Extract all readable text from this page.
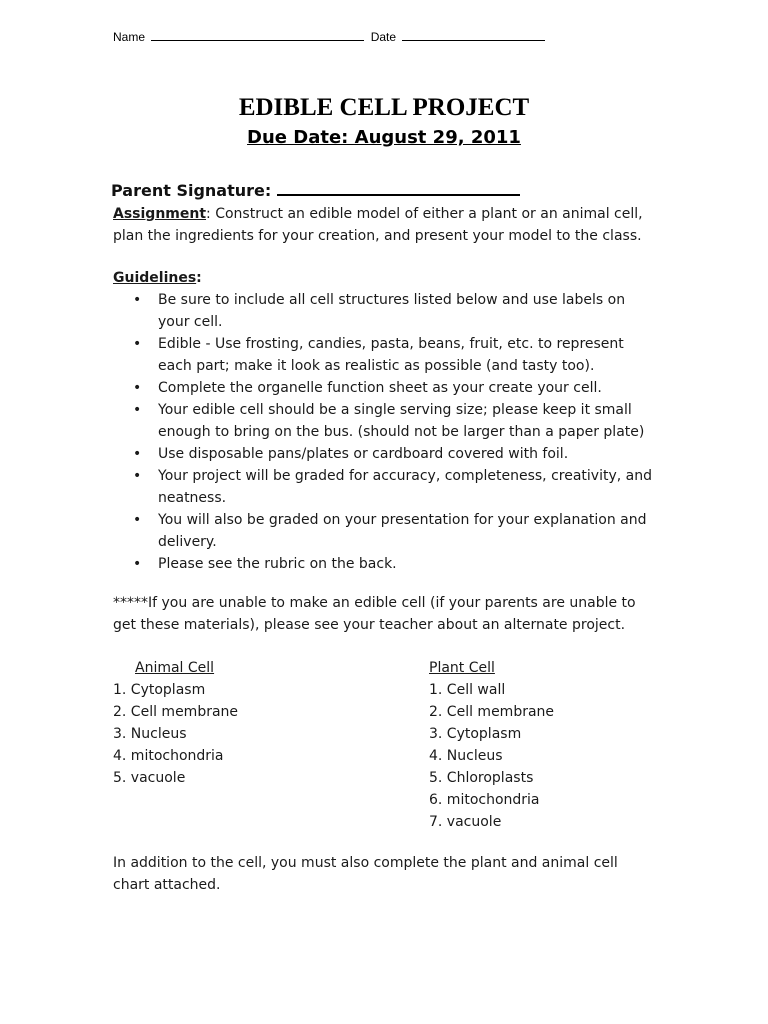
Name	Date
EDIBLE CELL PROJECT
Due Date: August 29, 2011
Parent Signature:
Assignment: Construct an edible model of either a plant or an animal cell, plan the ingredients for your creation, and present your model to the class.
Guidelines:
• Be sure to include all cell structures listed below and use labels on your cell.
• Edible - Use frosting, candies, pasta, beans, fruit, etc. to represent each part; make it look as realistic as possible (and tasty too).
• Complete the organelle function sheet as your create your cell.
• Your edible cell should be a single serving size; please keep it small enough to bring on the bus. (should not be larger than a paper plate)
• Use disposable pans/plates or cardboard covered with foil.
• Your project will be graded for accuracy, completeness, creativity, and neatness.
• You will also be graded on your presentation for your explanation and delivery.
• Please see the rubric on the back.
*****If you are unable to make an edible cell (if your parents are unable to get these materials), please see your teacher about an alternate project.
Animal Cell
1. Cytoplasm
2. Cell membrane
3. Nucleus
4. mitochondria
5. vacuole
Plant Cell
1. Cell wall
2. Cell membrane
3. Cytoplasm
4. Nucleus
5. Chloroplasts
6. mitochondria
7. vacuole
In addition to the cell, you must also complete the plant and animal cell chart attached.
